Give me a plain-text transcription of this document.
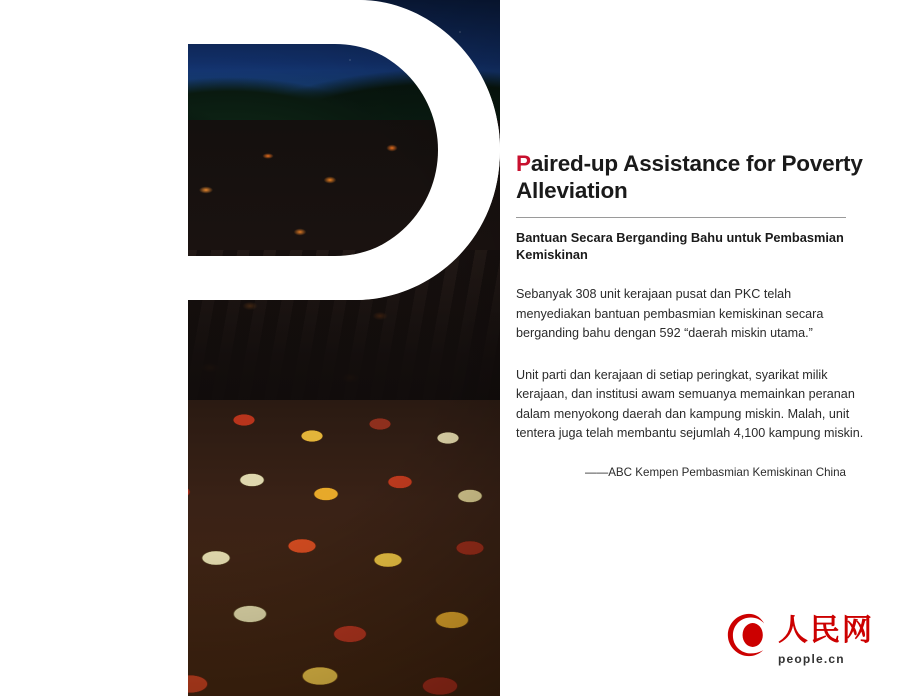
Paired-up Assistance for Poverty Alleviation
Bantuan Secara Berganding Bahu untuk Pembasmian Kemiskinan

Sebanyak 308 unit kerajaan pusat dan PKC telah menyediakan bantuan pembasmian kemiskinan secara berganding bahu dengan 592 “daerah miskin utama.”

Unit parti dan kerajaan di setiap peringkat, syarikat milik kerajaan, dan institusi awam semuanya memainkan peranan dalam menyokong daerah dan kampung miskin. Malah, unit tentera juga telah membantu sejumlah 4,100 kampung miskin.

——ABC Kempen Pembasmian Kemiskinan China

人民网
people.cn
